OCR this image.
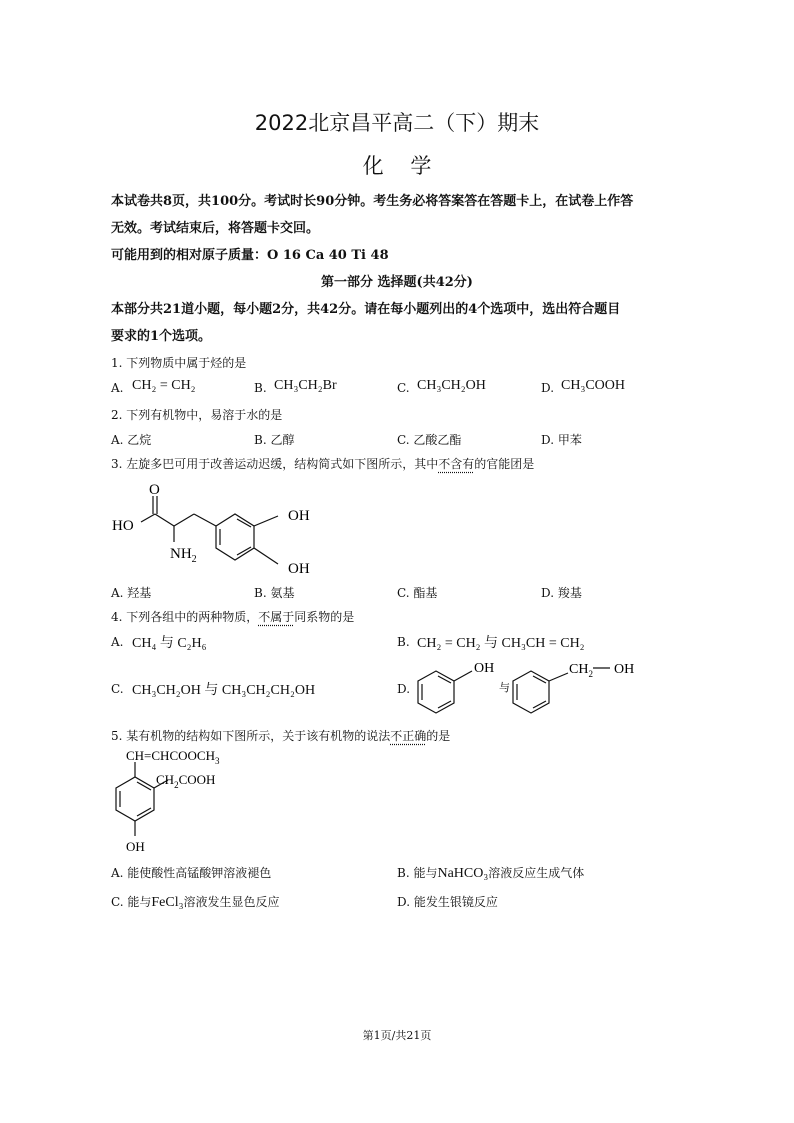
2022北京昌平高二（下）期末
化    学
本试卷共8页，共100分。考试时长90分钟。考生务必将答案答在答题卡上，在试卷上作答
无效。考试结束后，将答题卡交回。
可能用到的相对原子质量：O 16 Ca 40 Ti 48
第一部分 选择题(共42分)
本部分共21道小题，每小题2分，共42分。请在每小题列出的4个选项中，选出符合题目
要求的1个选项。
1. 下列物质中属于烃的是
A. CH₂ = CH₂	B. CH₃CH₂Br	C. CH₃CH₂OH	D. CH₃COOH
2. 下列有机物中，易溶于水的是
A. 乙烷	B. 乙醇	C. 乙酸乙酯	D. 甲苯
3. 左旋多巴可用于改善运动迟缓，结构简式如下图所示，其中不含有的官能团是
O
HO
$NH_2$
OH
OH
A. 羟基	B. 氨基	C. 酯基	D. 羧基
4. 下列各组中的两种物质，不属于同系物的是
A. CH₄ 与 C₂H₆	B. CH₂ = CH₂ 与 CH₃CH = CH₂
C. CH₃CH₂OH 与 CH₃CH₂CH₂OH	D.
OH
与
$CH_2$ OH
5. 某有机物的结构如下图所示，关于该有机物的说法不正确的是
$CH=CHCOOCH_3$
$CH_2COOH$
OH
A. 能使酸性高锰酸钾溶液褪色	B. 能与NaHCO₃溶液反应生成气体
C. 能与FeCl₃溶液发生显色反应	D. 能发生银镜反应
第1页/共21页
